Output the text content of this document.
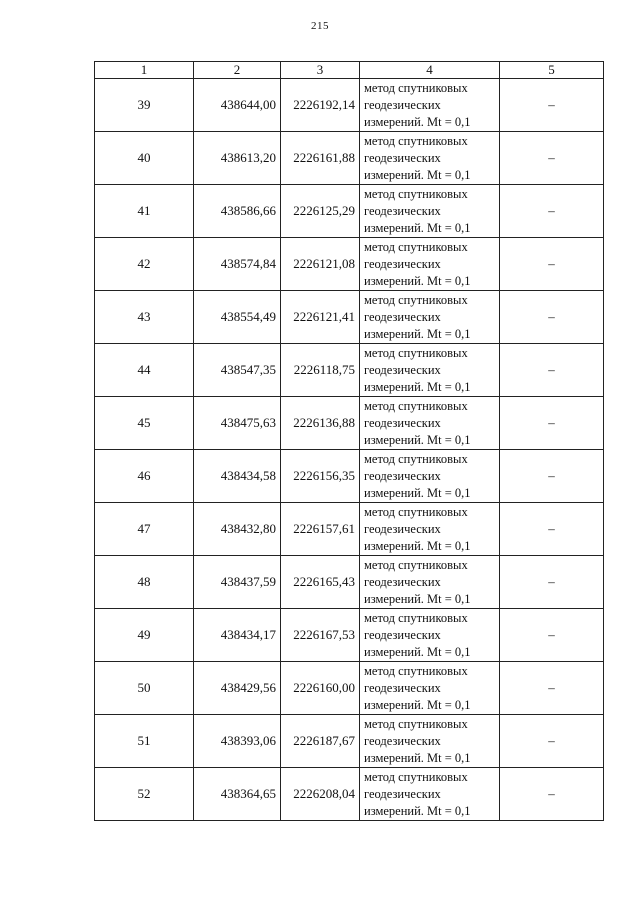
215
1	2	3	4	5
39	438644,00	2226192,14	метод спутниковых
геодезических
измерений. Mt = 0,1	–
40	438613,20	2226161,88	метод спутниковых
геодезических
измерений. Mt = 0,1	–
41	438586,66	2226125,29	метод спутниковых
геодезических
измерений. Mt = 0,1	–
42	438574,84	2226121,08	метод спутниковых
геодезических
измерений. Mt = 0,1	–
43	438554,49	2226121,41	метод спутниковых
геодезических
измерений. Mt = 0,1	–
44	438547,35	2226118,75	метод спутниковых
геодезических
измерений. Mt = 0,1	–
45	438475,63	2226136,88	метод спутниковых
геодезических
измерений. Mt = 0,1	–
46	438434,58	2226156,35	метод спутниковых
геодезических
измерений. Mt = 0,1	–
47	438432,80	2226157,61	метод спутниковых
геодезических
измерений. Mt = 0,1	–
48	438437,59	2226165,43	метод спутниковых
геодезических
измерений. Mt = 0,1	–
49	438434,17	2226167,53	метод спутниковых
геодезических
измерений. Mt = 0,1	–
50	438429,56	2226160,00	метод спутниковых
геодезических
измерений. Mt = 0,1	–
51	438393,06	2226187,67	метод спутниковых
геодезических
измерений. Mt = 0,1	–
52	438364,65	2226208,04	метод спутниковых
геодезических
измерений. Mt = 0,1	–
